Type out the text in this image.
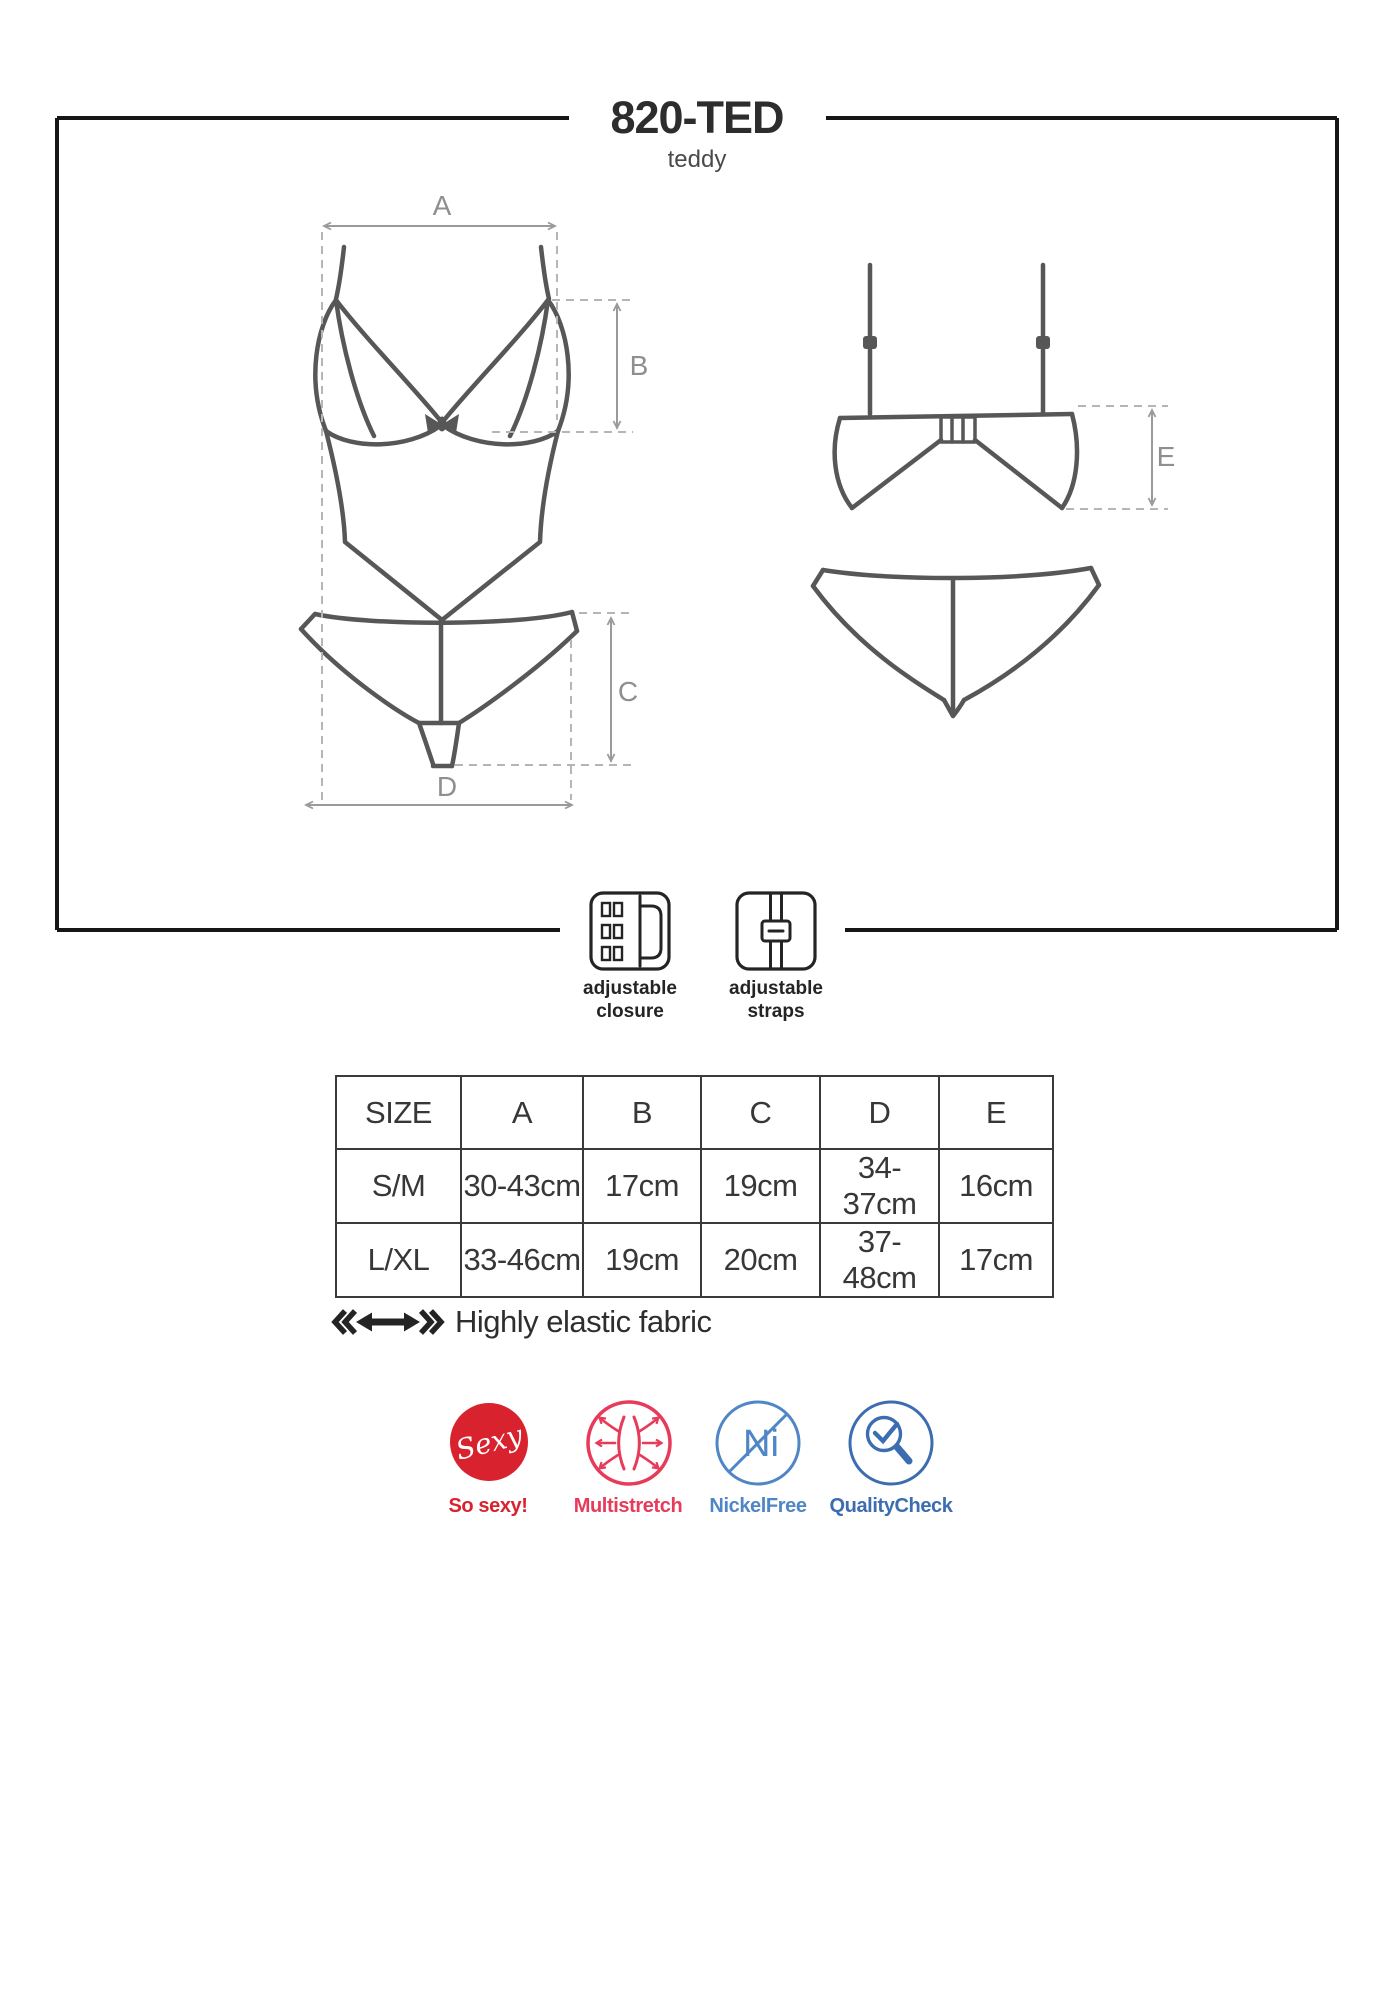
Sexy	Ni
820-TED
teddy
A
B
C
D
E
adjustable
closure
adjustable
straps
SIZE	A	B	C	D	E
S/M	30-43cm	17cm	19cm	34-37cm	16cm
L/XL	33-46cm	19cm	20cm	37-48cm	17cm
Highly elastic fabric
So sexy! Multistretch NickelFree QualityCheck
